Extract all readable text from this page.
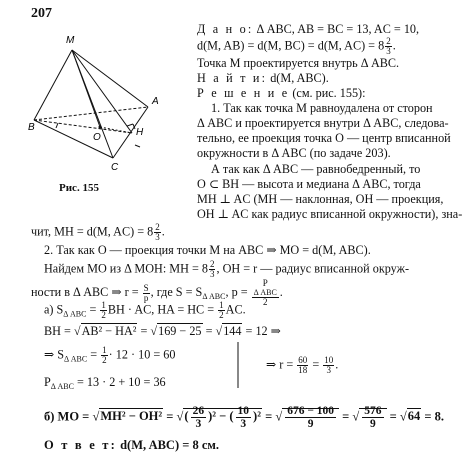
207
M
A
B
C
O	H
Рис. 155
Д а н о: Δ ABC, AB = BC = 13, AC = 10,
d(M, AB) = d(M, BC) = d(M, $AC) = 8 \frac{2}{3}$ .
Точка M проектируется внутрь Δ ABC.
Н а й т и: d(M, ABC).
Р е ш е н и е (см. рис. 155):
1. Так как точка M равноудалена от сторон
Δ ABC и проектируется внутри Δ ABC, следова-
тельно, ее проекция точка O — центр вписанной
окружности в Δ ABC (по задаче 203).
А так как Δ ABC — равнобедренный, то
O ⊂ BH — высота и медиана Δ ABC, тогда
MH ⊥ AC (MH — наклонная, OH — проекция,
OH ⊥ AC как радиус вписанной окружности), зна-
чит, MH = d(M, $AC) = 8 \frac{2}{3}$ .
2. Так как O — проекция точки M на ABC ⇒ MO = d(M, ABC).
Найдем MO из Δ MOH: MH = $8 \frac{2}{3}$ , OH = r — радиус вписанной окруж-
ности в Δ ABC ⇒ $r = \frac{S}{p}$ , где $S = S_{\Delta ABC}$, p = P
Δ ABC
2 .
а) $S_{\Delta ABC} = \frac{1}{2}$ BH · AC, HA = HC = $\frac{1}{2}$ AC.
BH = √AB² − HA² = √169 − 25 = √144 = 12 ⇒
⇒ $S_{\Delta ABC} = \frac{1}{2} \cdot 12 \cdot 10 = 60$
⇒ $r = \frac{60}{18} = \frac{10}{3}$ .
$P_{\Delta ABC} = 13 \cdot 2 + 10 = 36$
б) MO = √MH² − OH² = √( $\frac{26}{3} )^2$ − ( $\frac{10}{3} )^2$ = √ $\frac{676 - 100}{9}$ = √ $\frac{576}{9} = √64 = 8$.
О т в е т: d(M, ABC) = 8 см.
